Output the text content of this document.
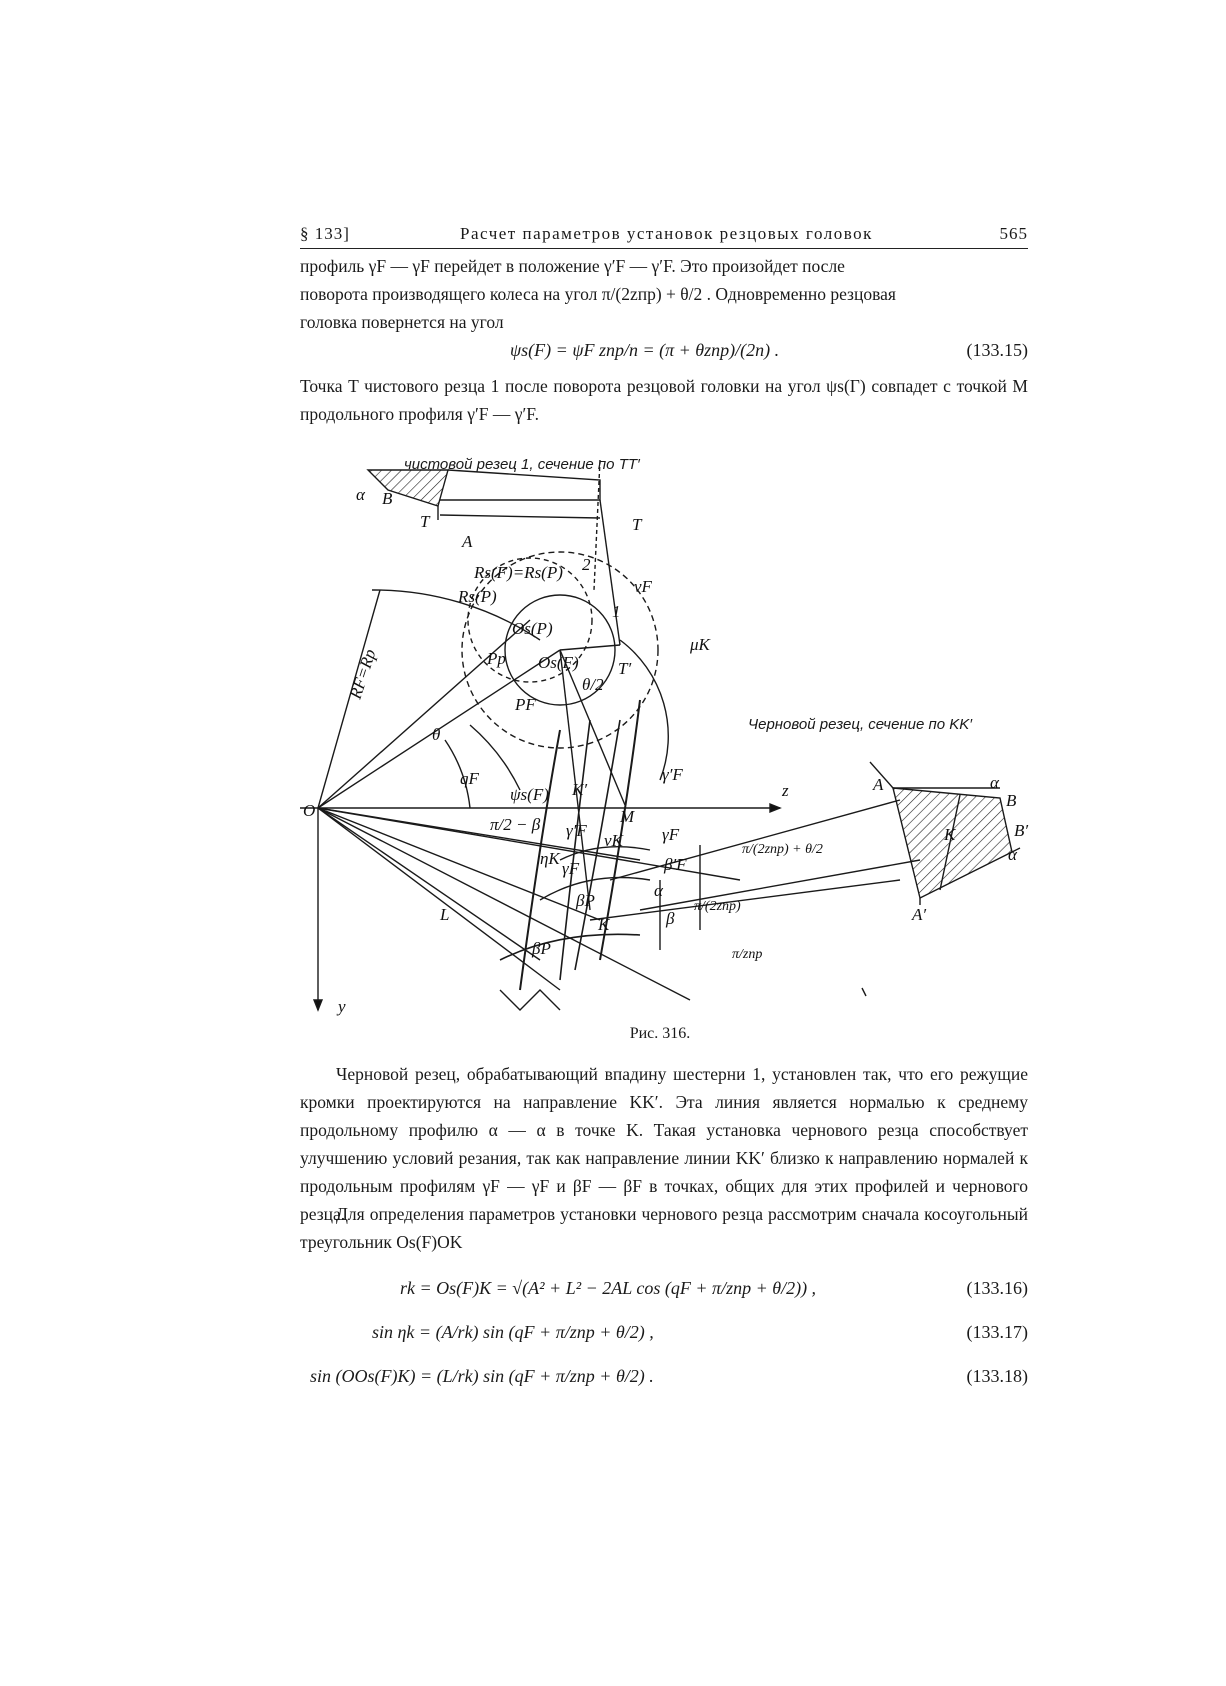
§ 133]	Расчет параметров установок резцовых головок	565
профиль γF — γF перейдет в положение γ′F — γ′F. Это произойдет после
поворота производящего колеса на угол π/(2zпр) + θ/2 . Одновременно резцовая
головка повернется на угол
ψs(F) = ψF zпр/n = (π + θzпр)/(2n) .	(133.15)
Точка T чистового резца 1 после поворота резцовой головки на угол ψs(Г) совпадет с точкой M продольного профиля γ′F — γ′F.
α B
T
A
T
Rs(F)=Rs(P)
Rs(P)
2
1
νF
Os(P)
Os(F) T′
μK
θ/2
Pp
PF
RF=Rp
θ
qF
ψs(F) K′
γ′F
O
z
M
γF
π/2 − β γ′F
νK
ηK
γF	β′F
α
βP
βP
L
K	β
y
π/(2zпр) + θ/2
π/(2zпр)
π/zпр
A
B
K	B′
A′
α
α
чистовой резец 1, сечение по TT′
Черновой резец, сечение по KK′
Рис. 316.
Черновой резец, обрабатывающий впадину шестерни 1, установлен так, что его режущие кромки проектируются на направление KK′. Эта линия является нормалью к среднему продольному профилю α — α в точке K. Такая установка чернового резца способствует улучшению условий резания, так как направление линии KK′ близко к направлению нормалей к продольным профилям γF — γF и βF — βF в точках, общих для этих профилей и чернового резца.
Для определения параметров установки чернового резца рассмотрим сначала косоугольный треугольник Os(F)OK
rk = Os(F)K = √(A² + L² − 2AL cos (qF + π/zпр + θ/2)) ,	(133.16)
sin ηk = (A/rk) sin (qF + π/zпр + θ/2) ,	(133.17)
sin (OOs(F)K) = (L/rk) sin (qF + π/zпр + θ/2) .	(133.18)
